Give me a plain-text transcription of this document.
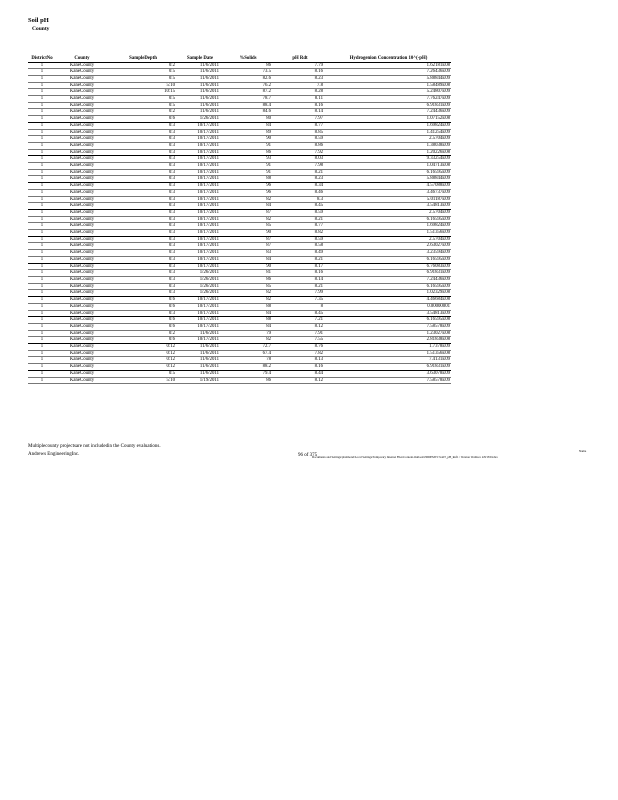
Soil pH
County
DistrictNo	County	SampleDepth	Sample Date	%Solids	pH Rdt	Hydrogenion Concentration 10^(-pH)
1	KaneCounty	0:2	11/6/2011	86	7.79	1.62181E08
1	KaneCounty	0:5	11/6/2011	73.5	8.16	7.26436E09
1	KaneCounty	0:5	11/6/2011	82.6	8.23	5.88844E09
1	KaneCounty	5:10	11/6/2011	76.2	7.8	1.58489E08
1	KaneCounty	10:15	11/6/2011	87.2	8.28	5.24807E09
1	KaneCounty	0:5	11/6/2011	78.7	8.11	7.76247E09
1	KaneCounty	0:5	11/6/2011	88.4	8.16	6.91831E09
1	KaneCounty	0:2	11/6/2011	84.6	8.14	7.24436E09
1	KaneCounty	0:6	1/26/2011	80	7.97	1.07152E08
1	KaneCounty	0:3	10/17/2011	84	8.77	1.69824E09
1	KaneCounty	0:3	10/17/2011	89	8.85	1.41254E09
1	KaneCounty	0:3	10/17/2011	90	8.59	2.5704E09
1	KaneCounty	0:3	10/17/2011	91	8.86	1.38038E09
1	KaneCounty	0:3	10/17/2011	86	7.92	1.20226E08
1	KaneCounty	0:3	10/17/2011	93	8.03	9.33254E09
1	KaneCounty	0:3	10/17/2011	91	7.98	1.04713E08
1	KaneCounty	0:3	10/17/2011	91	8.21	6.16595E09
1	KaneCounty	0:3	10/17/2011	88	8.23	5.88844E09
1	KaneCounty	0:3	10/17/2011	96	8.34	4.57088E09
1	KaneCounty	0:3	10/17/2011	96	8.46	3.46737E09
1	KaneCounty	0:3	10/17/2011	82	8.3	5.01187E09
1	KaneCounty	0:3	10/17/2011	84	8.45	3.54813E09
1	KaneCounty	0:3	10/17/2011	87	8.59	2.5704E09
1	KaneCounty	0:3	10/17/2011	82	8.21	6.16595E09
1	KaneCounty	0:3	10/17/2011	85	8.77	1.69824E09
1	KaneCounty	0:3	10/17/2011	90	8.82	1.51356E09
1	KaneCounty	0:3	10/17/2011	87	8.59	2.5704E09
1	KaneCounty	0:3	10/17/2011	87	8.58	2.63027E09
1	KaneCounty	0:3	10/17/2011	83	8.49	3.23594E09
1	KaneCounty	0:3	10/17/2011	84	8.21	6.16595E09
1	KaneCounty	0:3	10/17/2011	90	8.17	6.76083E09
1	KaneCounty	0:3	1/26/2011	81	8.16	6.91831E09
1	KaneCounty	0:3	1/26/2011	86	8.14	7.24436E09
1	KaneCounty	0:3	1/26/2011	85	8.21	6.16595E09
1	KaneCounty	0:3	1/26/2011	82	7.99	1.02329E08
1	KaneCounty	0:6	10/17/2011	82	7.35	4.46684E08
1	KaneCounty	0:6	10/17/2011	88	8	0.00000001
1	KaneCounty	0:3	10/17/2011	84	8.45	3.54813E09
1	KaneCounty	0:6	10/17/2011	88	7.21	6.16595E08
1	KaneCounty	0:6	10/17/2011	84	8.12	7.58578E09
1	KaneCounty	0:2	11/6/2011	79	7.91	1.23027E08
1	KaneCounty	0:6	10/17/2011	82	7.55	2.81838E08
1	KaneCounty	0:12	11/6/2011	72.7	8.76	1.7378E09
1	KaneCounty	0:12	11/6/2011	67.4	7.82	1.51356E08
1	KaneCounty	0:12	11/6/2011	78	8.13	7.4131E09
1	KaneCounty	0:12	11/6/2011	88.2	8.16	6.91831E09
1	KaneCounty	0:5	11/6/2011	79.4	8.44	3.63078E09
1	KaneCounty	5:10	1/19/2011	86	8.12	7.58578E09
Multiplecounty projectsare not includedin the County evaluations.
Andrews EngineeringInc.	96 of 375
Documents and Settings\pbalmond\Local Settings\Temporary Internet Files\Content.Outlook\N0DEMV1\SoilT_pH_Ref1 / Version Verdisco 4/8/18 Dobro
Name
